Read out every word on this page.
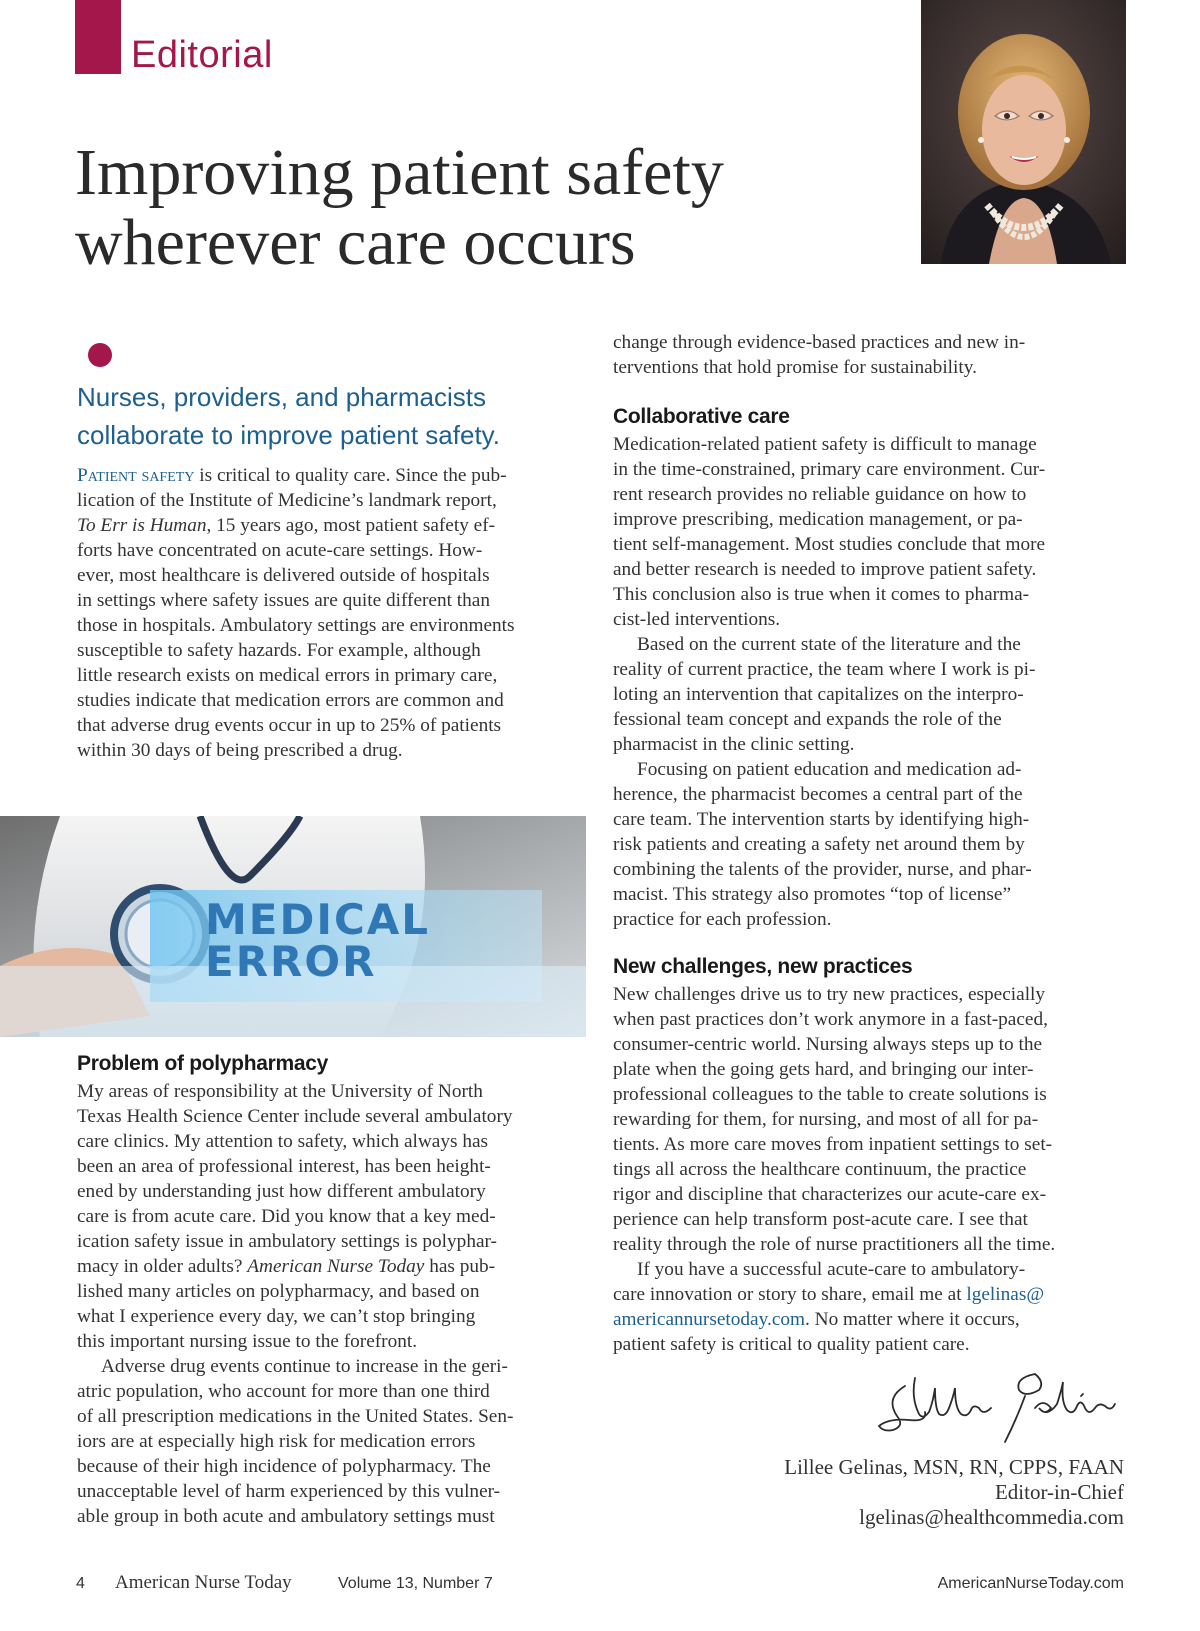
Editorial
Improving patient safety
wherever care occurs
Nurses, providers, and pharmacists
collaborate to improve patient safety.
Patient safety is critical to quality care. Since the pub-
lication of the Institute of Medicine’s landmark report,
To Err is Human, 15 years ago, most patient safety ef-
forts have concentrated on acute-care settings. How-
ever, most healthcare is delivered outside of hospitals
in settings where safety issues are quite different than
those in hospitals. Ambulatory settings are environments
susceptible to safety hazards. For example, although
little research exists on medical errors in primary care,
studies indicate that medication errors are common and
that adverse drug events occur in up to 25% of patients
within 30 days of being prescribed a drug.
MEDICAL
ERROR
Problem of polypharmacy
My areas of responsibility at the University of North
Texas Health Science Center include several ambulatory
care clinics. My attention to safety, which always has
been an area of professional interest, has been height-
ened by understanding just how different ambulatory
care is from acute care. Did you know that a key med-
ication safety issue in ambulatory settings is polyphar-
macy in older adults? American Nurse Today has pub-
lished many articles on polypharmacy, and based on
what I experience every day, we can’t stop bringing
this important nursing issue to the forefront.
Adverse drug events continue to increase in the geri-
atric population, who account for more than one third
of all prescription medications in the United States. Sen-
iors are at especially high risk for medication errors
because of their high incidence of polypharmacy. The
unacceptable level of harm experienced by this vulner-
able group in both acute and ambulatory settings must
change through evidence-based practices and new in-
terventions that hold promise for sustainability.
Collaborative care
Medication-related patient safety is difficult to manage
in the time-constrained, primary care environment. Cur-
rent research provides no reliable guidance on how to
improve prescribing, medication management, or pa-
tient self-management. Most studies conclude that more
and better research is needed to improve patient safety.
This conclusion also is true when it comes to pharma-
cist-led interventions.
Based on the current state of the literature and the
reality of current practice, the team where I work is pi-
loting an intervention that capitalizes on the interpro-
fessional team concept and expands the role of the
pharmacist in the clinic setting.
Focusing on patient education and medication ad-
herence, the pharmacist becomes a central part of the
care team. The intervention starts by identifying high-
risk patients and creating a safety net around them by
combining the talents of the provider, nurse, and phar-
macist. This strategy also promotes “top of license”
practice for each profession.
New challenges, new practices
New challenges drive us to try new practices, especially
when past practices don’t work anymore in a fast-paced,
consumer-centric world. Nursing always steps up to the
plate when the going gets hard, and bringing our inter-
professional colleagues to the table to create solutions is
rewarding for them, for nursing, and most of all for pa-
tients. As more care moves from inpatient settings to set-
tings all across the healthcare continuum, the practice
rigor and discipline that characterizes our acute-care ex-
perience can help transform post-acute care. I see that
reality through the role of nurse practitioners all the time.
If you have a successful acute-care to ambulatory-
care innovation or story to share, email me at lgelinas@
americannursetoday.com. No matter where it occurs,
patient safety is critical to quality patient care.
Lillee Gelinas, MSN, RN, CPPS, FAAN
Editor-in-Chief
lgelinas@healthcommedia.com
4 American Nurse Today	Volume 13, Number 7	AmericanNurseToday.com
